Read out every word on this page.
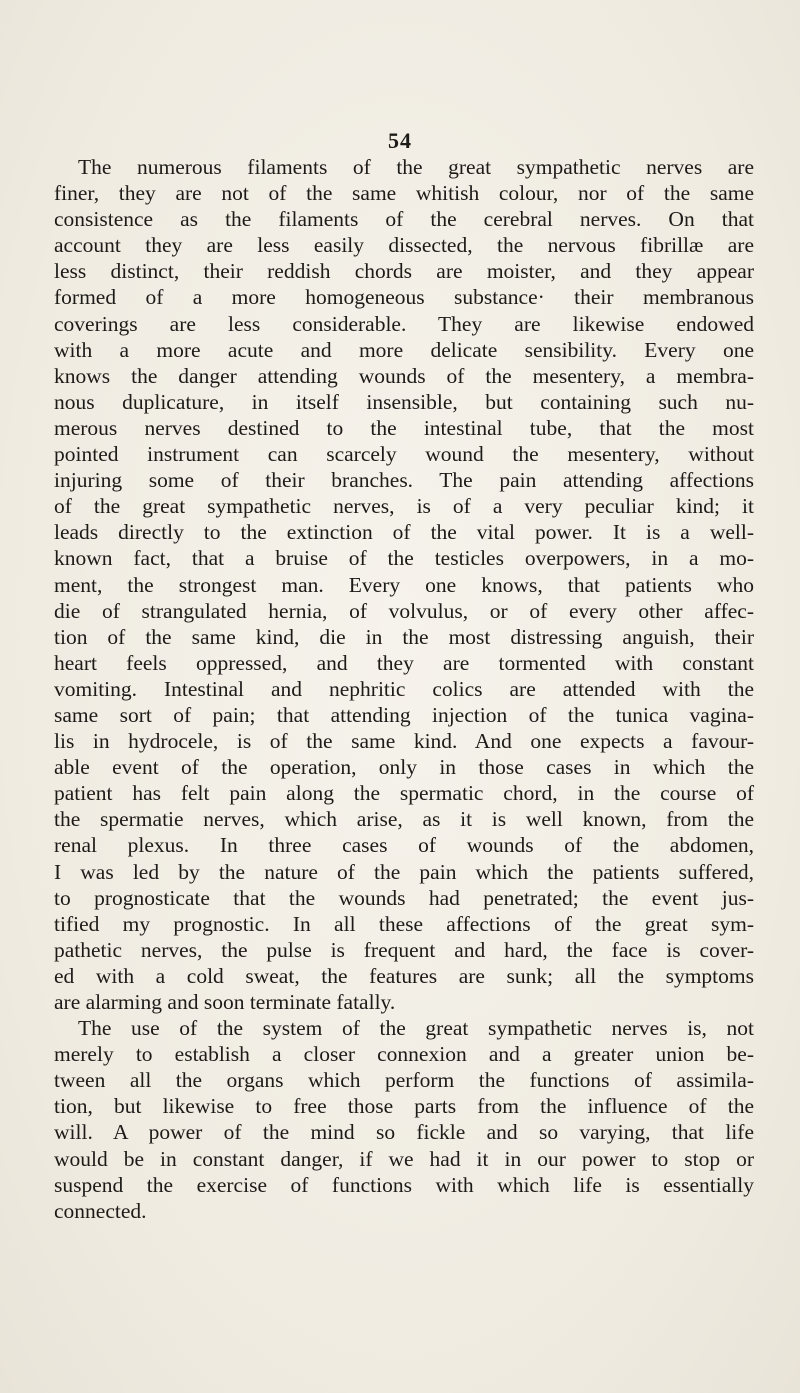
54
The numerous filaments of the great sympathetic nerves are
finer, they are not of the same whitish colour, nor of the same
consistence as the filaments of the cerebral nerves. On that
account they are less easily dissected, the nervous fibrillæ are
less distinct, their reddish chords are moister, and they appear
formed of a more homogeneous substance· their membranous
coverings are less considerable. They are likewise endowed
with a more acute and more delicate sensibility. Every one
knows the danger attending wounds of the mesentery, a membra-
nous duplicature, in itself insensible, but containing such nu-
merous nerves destined to the intestinal tube, that the most
pointed instrument can scarcely wound the mesentery, without
injuring some of their branches. The pain attending affections
of the great sympathetic nerves, is of a very peculiar kind; it
leads directly to the extinction of the vital power. It is a well-
known fact, that a bruise of the testicles overpowers, in a mo-
ment, the strongest man. Every one knows, that patients who
die of strangulated hernia, of volvulus, or of every other affec-
tion of the same kind, die in the most distressing anguish, their
heart feels oppressed, and they are tormented with constant
vomiting. Intestinal and nephritic colics are attended with the
same sort of pain; that attending injection of the tunica vagina-
lis in hydrocele, is of the same kind. And one expects a favour-
able event of the operation, only in those cases in which the
patient has felt pain along the spermatic chord, in the course of
the spermatie nerves, which arise, as it is well known, from the
renal plexus. In three cases of wounds of the abdomen,
I was led by the nature of the pain which the patients suffered,
to prognosticate that the wounds had penetrated; the event jus-
tified my prognostic. In all these affections of the great sym-
pathetic nerves, the pulse is frequent and hard, the face is cover-
ed with a cold sweat, the features are sunk; all the symptoms
are alarming and soon terminate fatally.
The use of the system of the great sympathetic nerves is, not
merely to establish a closer connexion and a greater union be-
tween all the organs which perform the functions of assimila-
tion, but likewise to free those parts from the influence of the
will. A power of the mind so fickle and so varying, that life
would be in constant danger, if we had it in our power to stop or
suspend the exercise of functions with which life is essentially
connected.
